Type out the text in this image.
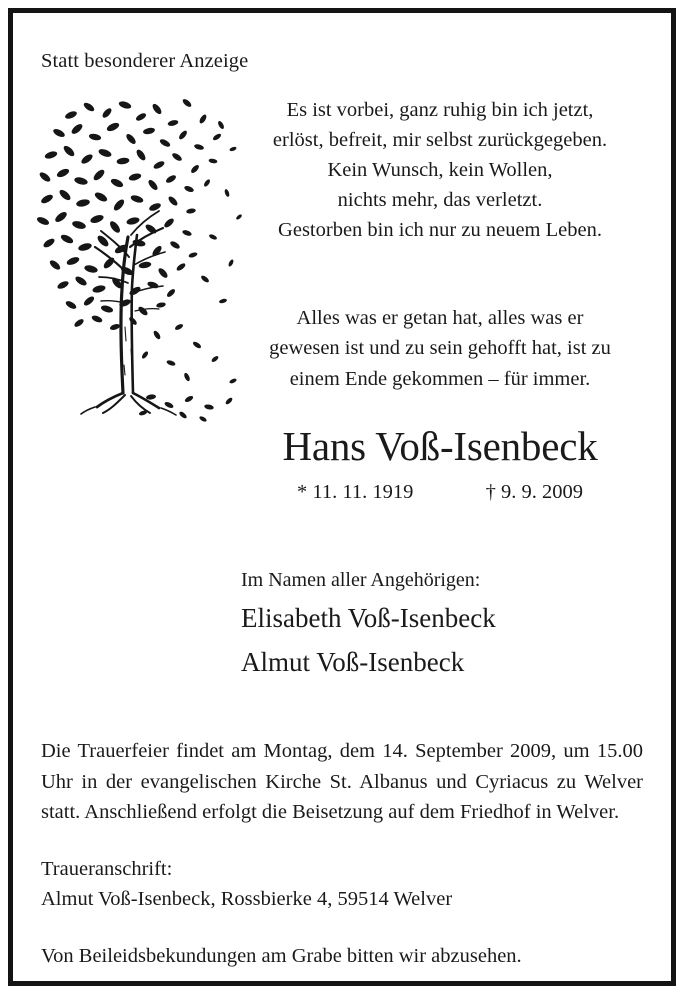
Statt besonderer Anzeige

Es ist vorbei, ganz ruhig bin ich jetzt,
erlöst, befreit, mir selbst zurückgegeben.
Kein Wunsch, kein Wollen,
nichts mehr, das verletzt.
Gestorben bin ich nur zu neuem Leben.
Alles was er getan hat, alles was er
gewesen ist und zu sein gehofft hat, ist zu
einem Ende gekommen – für immer.
Hans Voß-Isenbeck
* 11. 11. 1919	† 9. 9. 2009

Im Namen aller Angehörigen:

Elisabeth Voß-Isenbeck

Almut Voß-Isenbeck

Die Trauerfeier findet am Montag, dem 14. September 2009, um 15.00 Uhr in der evangelischen Kirche St. Albanus und Cyriacus zu Welver statt. Anschließend erfolgt die Beisetzung auf dem Friedhof in Welver.

Traueranschrift:
Almut Voß-Isenbeck, Rossbierke 4, 59514 Welver

Von Beileidsbekundungen am Grabe bitten wir abzusehen.
